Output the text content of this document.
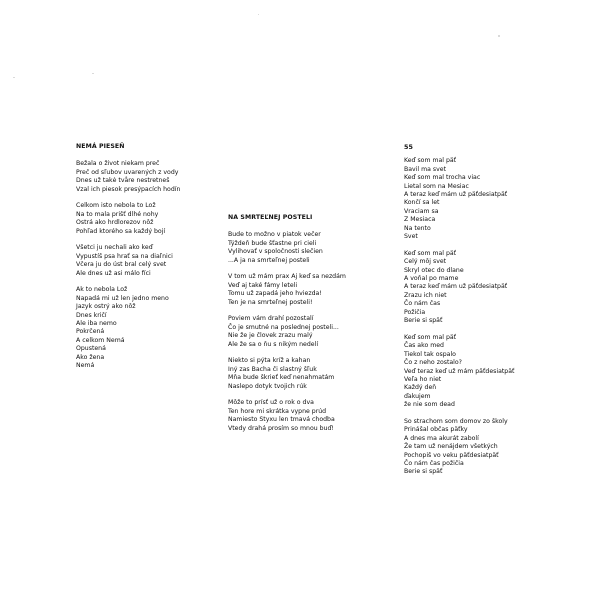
NEMÁ PIESEŇ
Bežala o život niekam preč
Preč od sľubov uvarených z vody
Dnes už takė tvåre nestretneš
Vzal ich piesok presýpacích hodín
Celkom isto nebola to Lož
Na to mala prišť dlhé nohy
Ostrá ako hrdlorezov nôž
Pohľad ktorého sa každý bojí
Všetci ju nechali ako keď
Vypustíš psa hrať sa na diaľnici
Včera ju do úst bral celý svet
Ale dnes už asi málo fíci
Ak to nebola Lož
Napadá mi už len jedno meno
Jazyk ostrý ako nôž
Dnes kričí
Ale iba nemo
Pokrčená
A celkom Nemá
Opustená
Ako žena
Nemá
NA SMRTEĽNEJ POSTELI
Bude to možno v piatok večer
Týždeň bude šťastne pri cieli
Vylihovať v spoločnosti slečien
...A ja na smrteľnej posteli
V tom už mám prax Aj keď sa nezdám
Veď aj také fámy leteli
Tomu už zapadá jeho hviezda!
Ten je na smrteľnej posteli!
Poviem vám drahí pozostalí
Čo je smutné na poslednej posteli...
Nie že je človek zrazu malý
Ale že sa o ňu s nikým nedelí
Niekto si pýta kríž a kahan
Iný zas Bacha či slastný šľuk
Mňa bude škrieť keď nenahmatám
Naslepo dotyk tvojich rúk
Môže to prísť už o rok o dva
Ten hore mi skrátka vypne prúd
Namiesto Styxu len tmavá chodba
Vtedy drahá prosím so mnou buď!
55
Keď som mal päť
Bavil ma svet
Keď som mal trocha viac
Lietal som na Mesiac
A teraz keď mám už päťdesiatpäť
Končí sa let
Vraciam sa
Z Mesiaca
Na tento
Svet
Keď som mal päť
Celý môj svet
Skryl otec do dlane
A voňal po mame
A teraz keď mám už päťdesiatpäť
Zrazu ich niet
Čo nám čas
Požičia
Berie si späť
Keď som mal päť
Čas ako med
Tiekol tak ospalo
Čo z neho zostalo?
Veď teraz keď už mám päťdesiatpäť
Veľa ho niet
Každý deň
ďakujem
že nie som dead
So strachom som domov zo školy
Prinášal občas päťky
A dnes ma akurát zabolí
Že tam už nenájdem všetkých
Pochopiš vo veku päťdesiatpäť
Čo nám čas požičia
Berie si späť
